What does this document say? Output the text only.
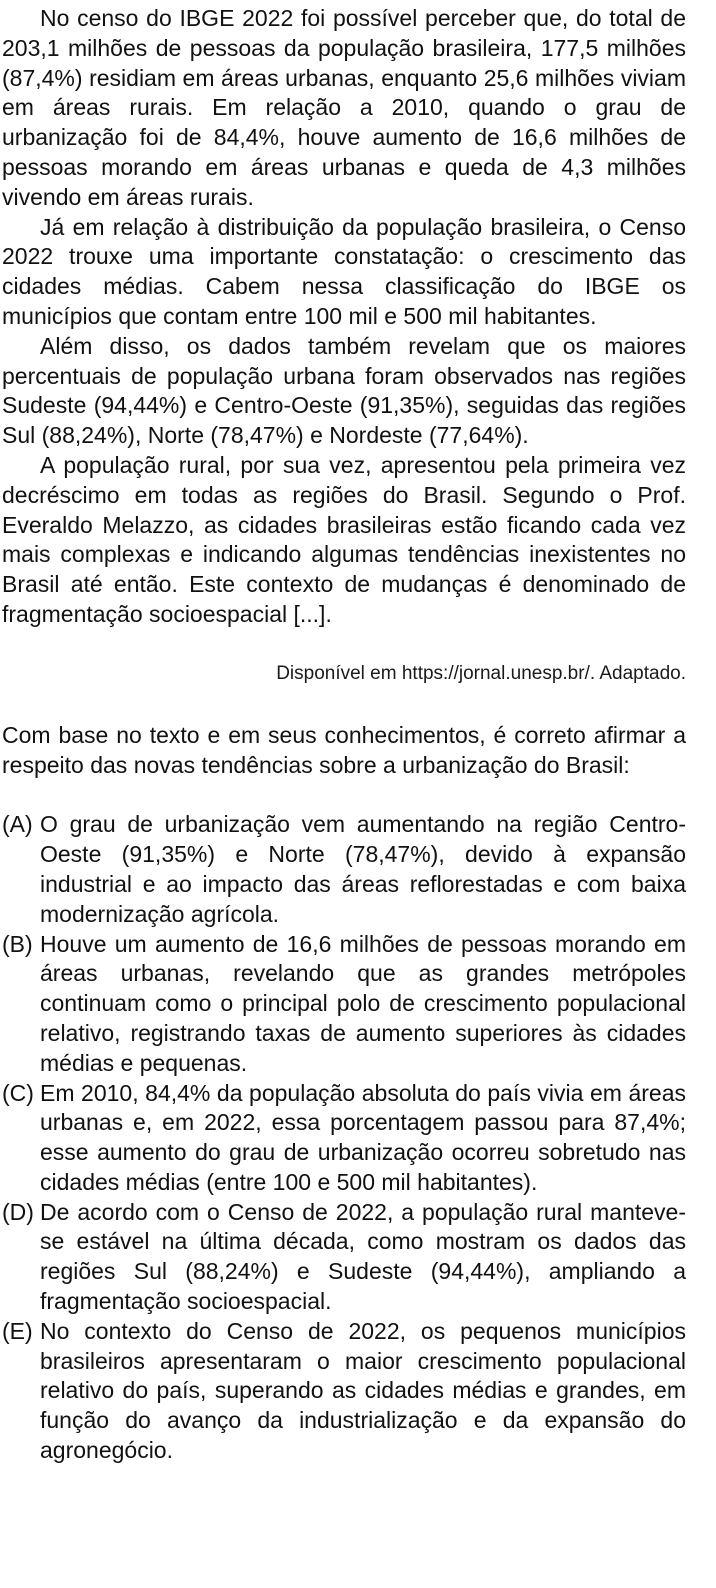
No censo do IBGE 2022 foi possível perceber que, do total de 203,1 milhões de pessoas da população brasileira, 177,5 milhões (87,4%) residiam em áreas urbanas, enquanto 25,6 milhões viviam em áreas rurais. Em relação a 2010, quando o grau de urbanização foi de 84,4%, houve aumento de 16,6 milhões de pessoas morando em áreas urbanas e queda de 4,3 milhões vivendo em áreas rurais.

Já em relação à distribuição da população brasileira, o Censo 2022 trouxe uma importante constatação: o crescimento das cidades médias. Cabem nessa classificação do IBGE os municípios que contam entre 100 mil e 500 mil habitantes.

Além disso, os dados também revelam que os maiores percentuais de população urbana foram observados nas regiões Sudeste (94,44%) e Centro-Oeste (91,35%), seguidas das regiões Sul (88,24%), Norte (78,47%) e Nordeste (77,64%).

A população rural, por sua vez, apresentou pela primeira vez decréscimo em todas as regiões do Brasil. Segundo o Prof. Everaldo Melazzo, as cidades brasileiras estão ficando cada vez mais complexas e indicando algumas tendências inexistentes no Brasil até então. Este contexto de mudanças é denominado de fragmentação socioespacial [...].

Disponível em https://jornal.unesp.br/. Adaptado.

Com base no texto e em seus conhecimentos, é correto afirmar a respeito das novas tendências sobre a urbanização do Brasil:

(A) O grau de urbanização vem aumentando na região Centro-Oeste (91,35%) e Norte (78,47%), devido à expansão industrial e ao impacto das áreas reflorestadas e com baixa modernização agrícola.
(B) Houve um aumento de 16,6 milhões de pessoas morando em áreas urbanas, revelando que as grandes metrópoles continuam como o principal polo de crescimento populacional relativo, registrando taxas de aumento superiores às cidades médias e pequenas.
(C) Em 2010, 84,4% da população absoluta do país vivia em áreas urbanas e, em 2022, essa porcentagem passou para 87,4%; esse aumento do grau de urbanização ocorreu sobretudo nas cidades médias (entre 100 e 500 mil habitantes).
(D) De acordo com o Censo de 2022, a população rural manteve-se estável na última década, como mostram os dados das regiões Sul (88,24%) e Sudeste (94,44%), ampliando a fragmentação socioespacial.
(E) No contexto do Censo de 2022, os pequenos municípios brasileiros apresentaram o maior crescimento populacional relativo do país, superando as cidades médias e grandes, em função do avanço da industrialização e da expansão do agronegócio.
